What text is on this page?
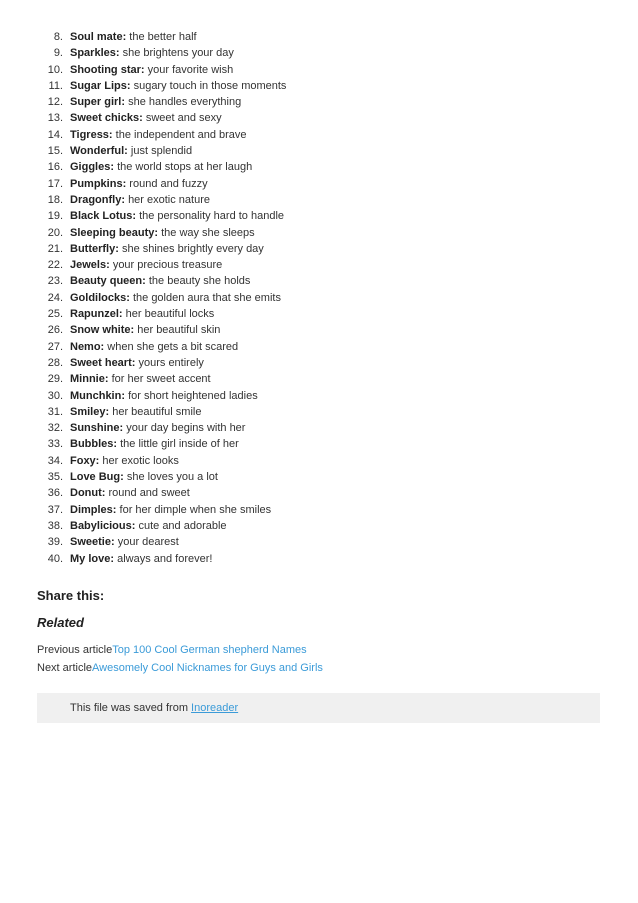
8. Soul mate: the better half
9. Sparkles: she brightens your day
10. Shooting star: your favorite wish
11. Sugar Lips: sugary touch in those moments
12. Super girl: she handles everything
13. Sweet chicks: sweet and sexy
14. Tigress: the independent and brave
15. Wonderful: just splendid
16. Giggles: the world stops at her laugh
17. Pumpkins: round and fuzzy
18. Dragonfly: her exotic nature
19. Black Lotus: the personality hard to handle
20. Sleeping beauty: the way she sleeps
21. Butterfly: she shines brightly every day
22. Jewels: your precious treasure
23. Beauty queen: the beauty she holds
24. Goldilocks: the golden aura that she emits
25. Rapunzel: her beautiful locks
26. Snow white: her beautiful skin
27. Nemo: when she gets a bit scared
28. Sweet heart: yours entirely
29. Minnie: for her sweet accent
30. Munchkin: for short heightened ladies
31. Smiley: her beautiful smile
32. Sunshine: your day begins with her
33. Bubbles: the little girl inside of her
34. Foxy: her exotic looks
35. Love Bug: she loves you a lot
36. Donut: round and sweet
37. Dimples: for her dimple when she smiles
38. Babylicious: cute and adorable
39. Sweetie: your dearest
40. My love: always and forever!
Share this:
Related
Previous articleTop 100 Cool German shepherd Names
Next articleAwesomely Cool Nicknames for Guys and Girls
This file was saved from Inoreader
